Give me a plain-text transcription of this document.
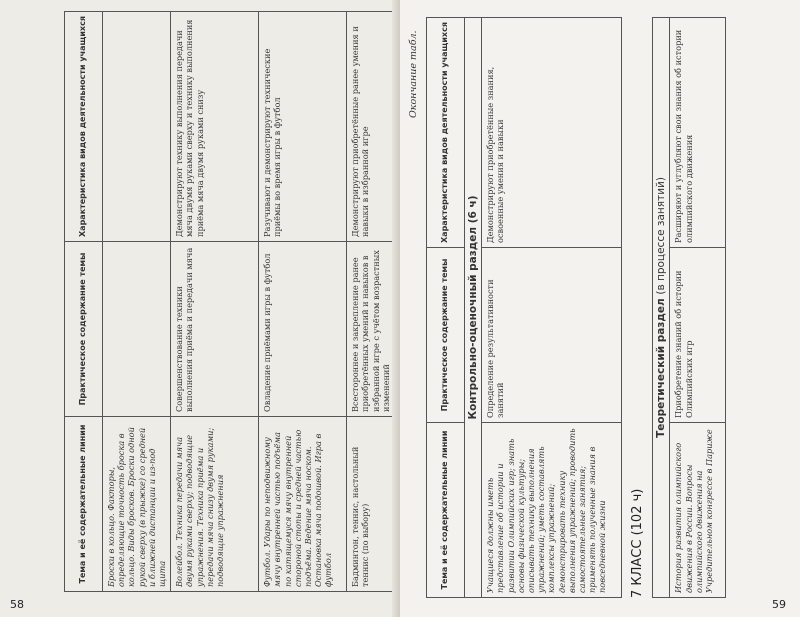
Тема и её содержательные линии	Практическое содержание темы	Характеристика видов деятельности учащихся
Броски в кольцо. Факторы, определяющие точность броска в кольцо. Виды бросков. Броски одной рукой сверху (в прыжке) со средней и ближней дистанции и из-под щита		
Волейбол. Техника передачи мяча двумя руками сверху; подводящие упражнения. Техника приёма и передачи мяча снизу двумя руками; подводящие упражнения	Совершенствование техники выполнения приёма и передачи мяча	Демонстрируют технику выполнения передачи мяча двумя руками сверху и технику выполнения приёма мяча двумя руками снизу
Футбол. Удары по неподвижному мячу внутренней частью подъёма по катящемуся мячу внутренней стороной стопы и средней частью подъёма. Ведение мяча носком. Остановка мяча подошвой. Игра в футбол	Овладение приёмами игры в футбол	Разучивают и демонстрируют технические приёмы во время игры в футбол
Бадминтон, теннис, настольный теннис (по выбору)	Всестороннее и закрепление ранее приобретённых умений и навыков в избранной игре с учётом возрастных изменений	Демонстрируют приобретённые ранее умения и навыки в избранной игре
58
Окончание табл.
Тема и её содержательные линии	Практическое содержание темы	Характеристика видов деятельности учащихся
Контрольно-оценочный раздел (6 ч)		
Учащиеся должны иметь представление об истории и развитии Олимпийских игр; знать основы физической культуры; описывать технику выполнения упражнений; уметь составлять комплексы упражнений; демонстрировать технику выполнения упражнений; проводить самостоятельные занятия; применять полученные знания в повседневной жизни	Определение результативности занятий	Демонстрируют приобретённые знания, освоенные умения и навыки
7 КЛАСС (102 ч)
Теоретический раздел (в процессе занятий)
История развития олимпийского движения в России. Вопросы олимпийского движения на Учредительном конгрессе в Париже	Приобретение знаний об истории Олимпийских игр	Расширяют и углубляют свои знания об истории олимпийского движения
59
